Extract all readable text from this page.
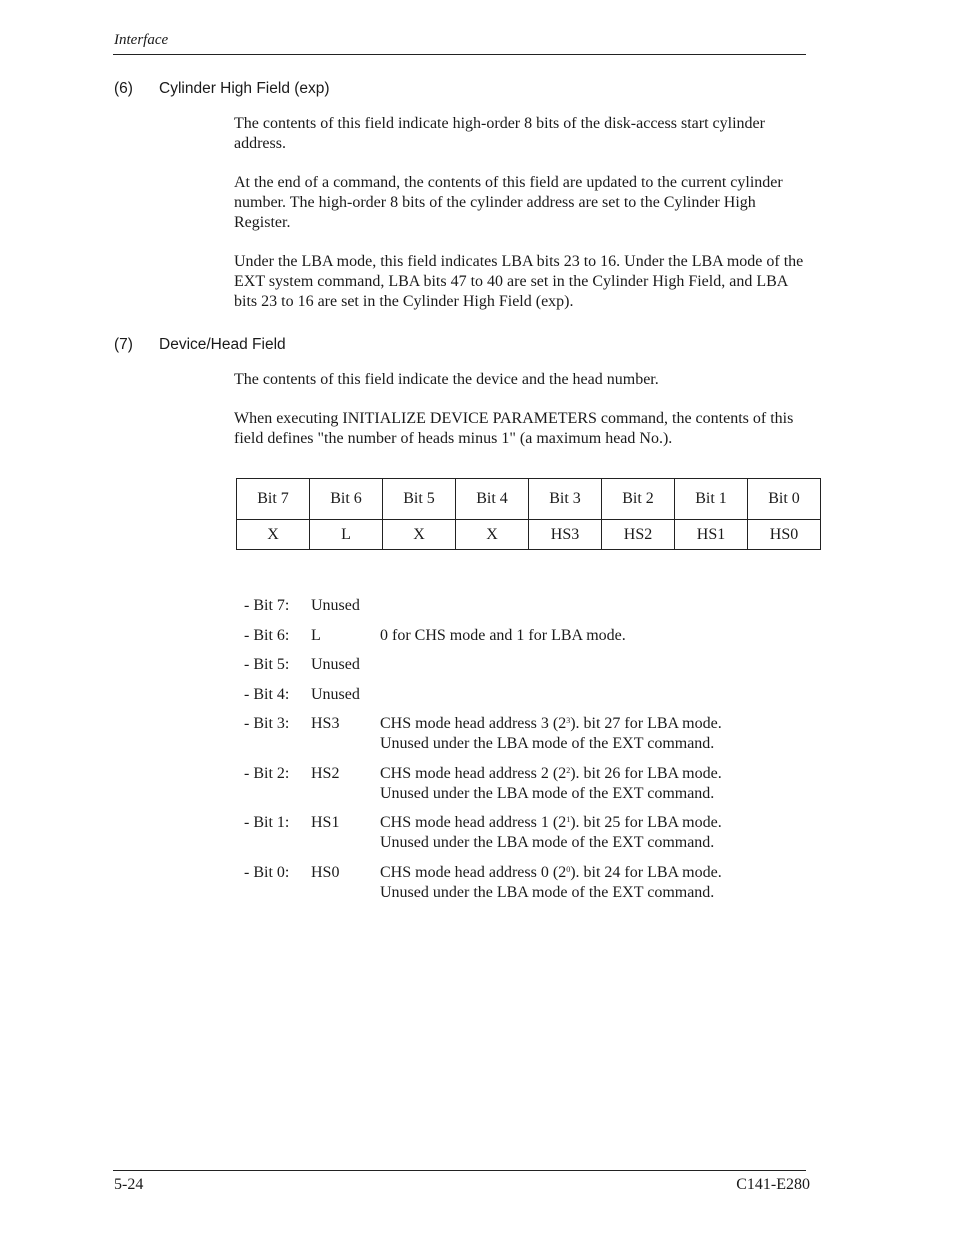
Interface
(6) Cylinder High Field (exp)

The contents of this field indicate high-order 8 bits of the disk-access start cylinder address.

At the end of a command, the contents of this field are updated to the current cylinder number. The high-order 8 bits of the cylinder address are set to the Cylinder High Register.

Under the LBA mode, this field indicates LBA bits 23 to 16. Under the LBA mode of the EXT system command, LBA bits 47 to 40 are set in the Cylinder High Field, and LBA bits 23 to 16 are set in the Cylinder High Field (exp).

(7) Device/Head Field

The contents of this field indicate the device and the head number.

When executing INITIALIZE DEVICE PARAMETERS command, the contents of this field defines "the number of heads minus 1" (a maximum head No.).

Bit 7	Bit 6	Bit 5	Bit 4	Bit 3	Bit 2	Bit 1	Bit 0
X	L	X	X	HS3	HS2	HS1	HS0
- Bit 7: Unused

- Bit 6: L	0 for CHS mode and 1 for LBA mode.
- Bit 5: Unused

- Bit 4: Unused

- Bit 3: HS3	CHS mode head address 3 $(2^3)$. bit 27 for LBA mode.
Unused under the LBA mode of the EXT command.
- Bit 2: HS2	CHS mode head address 2 $(2^2)$. bit 26 for LBA mode.
Unused under the LBA mode of the EXT command.
- Bit 1: HS1	CHS mode head address 1 $(2^1)$. bit 25 for LBA mode.
Unused under the LBA mode of the EXT command.
- Bit 0: HS0	CHS mode head address 0 $(2^0)$. bit 24 for LBA mode.
Unused under the LBA mode of the EXT command.
5-24	C141-E280
